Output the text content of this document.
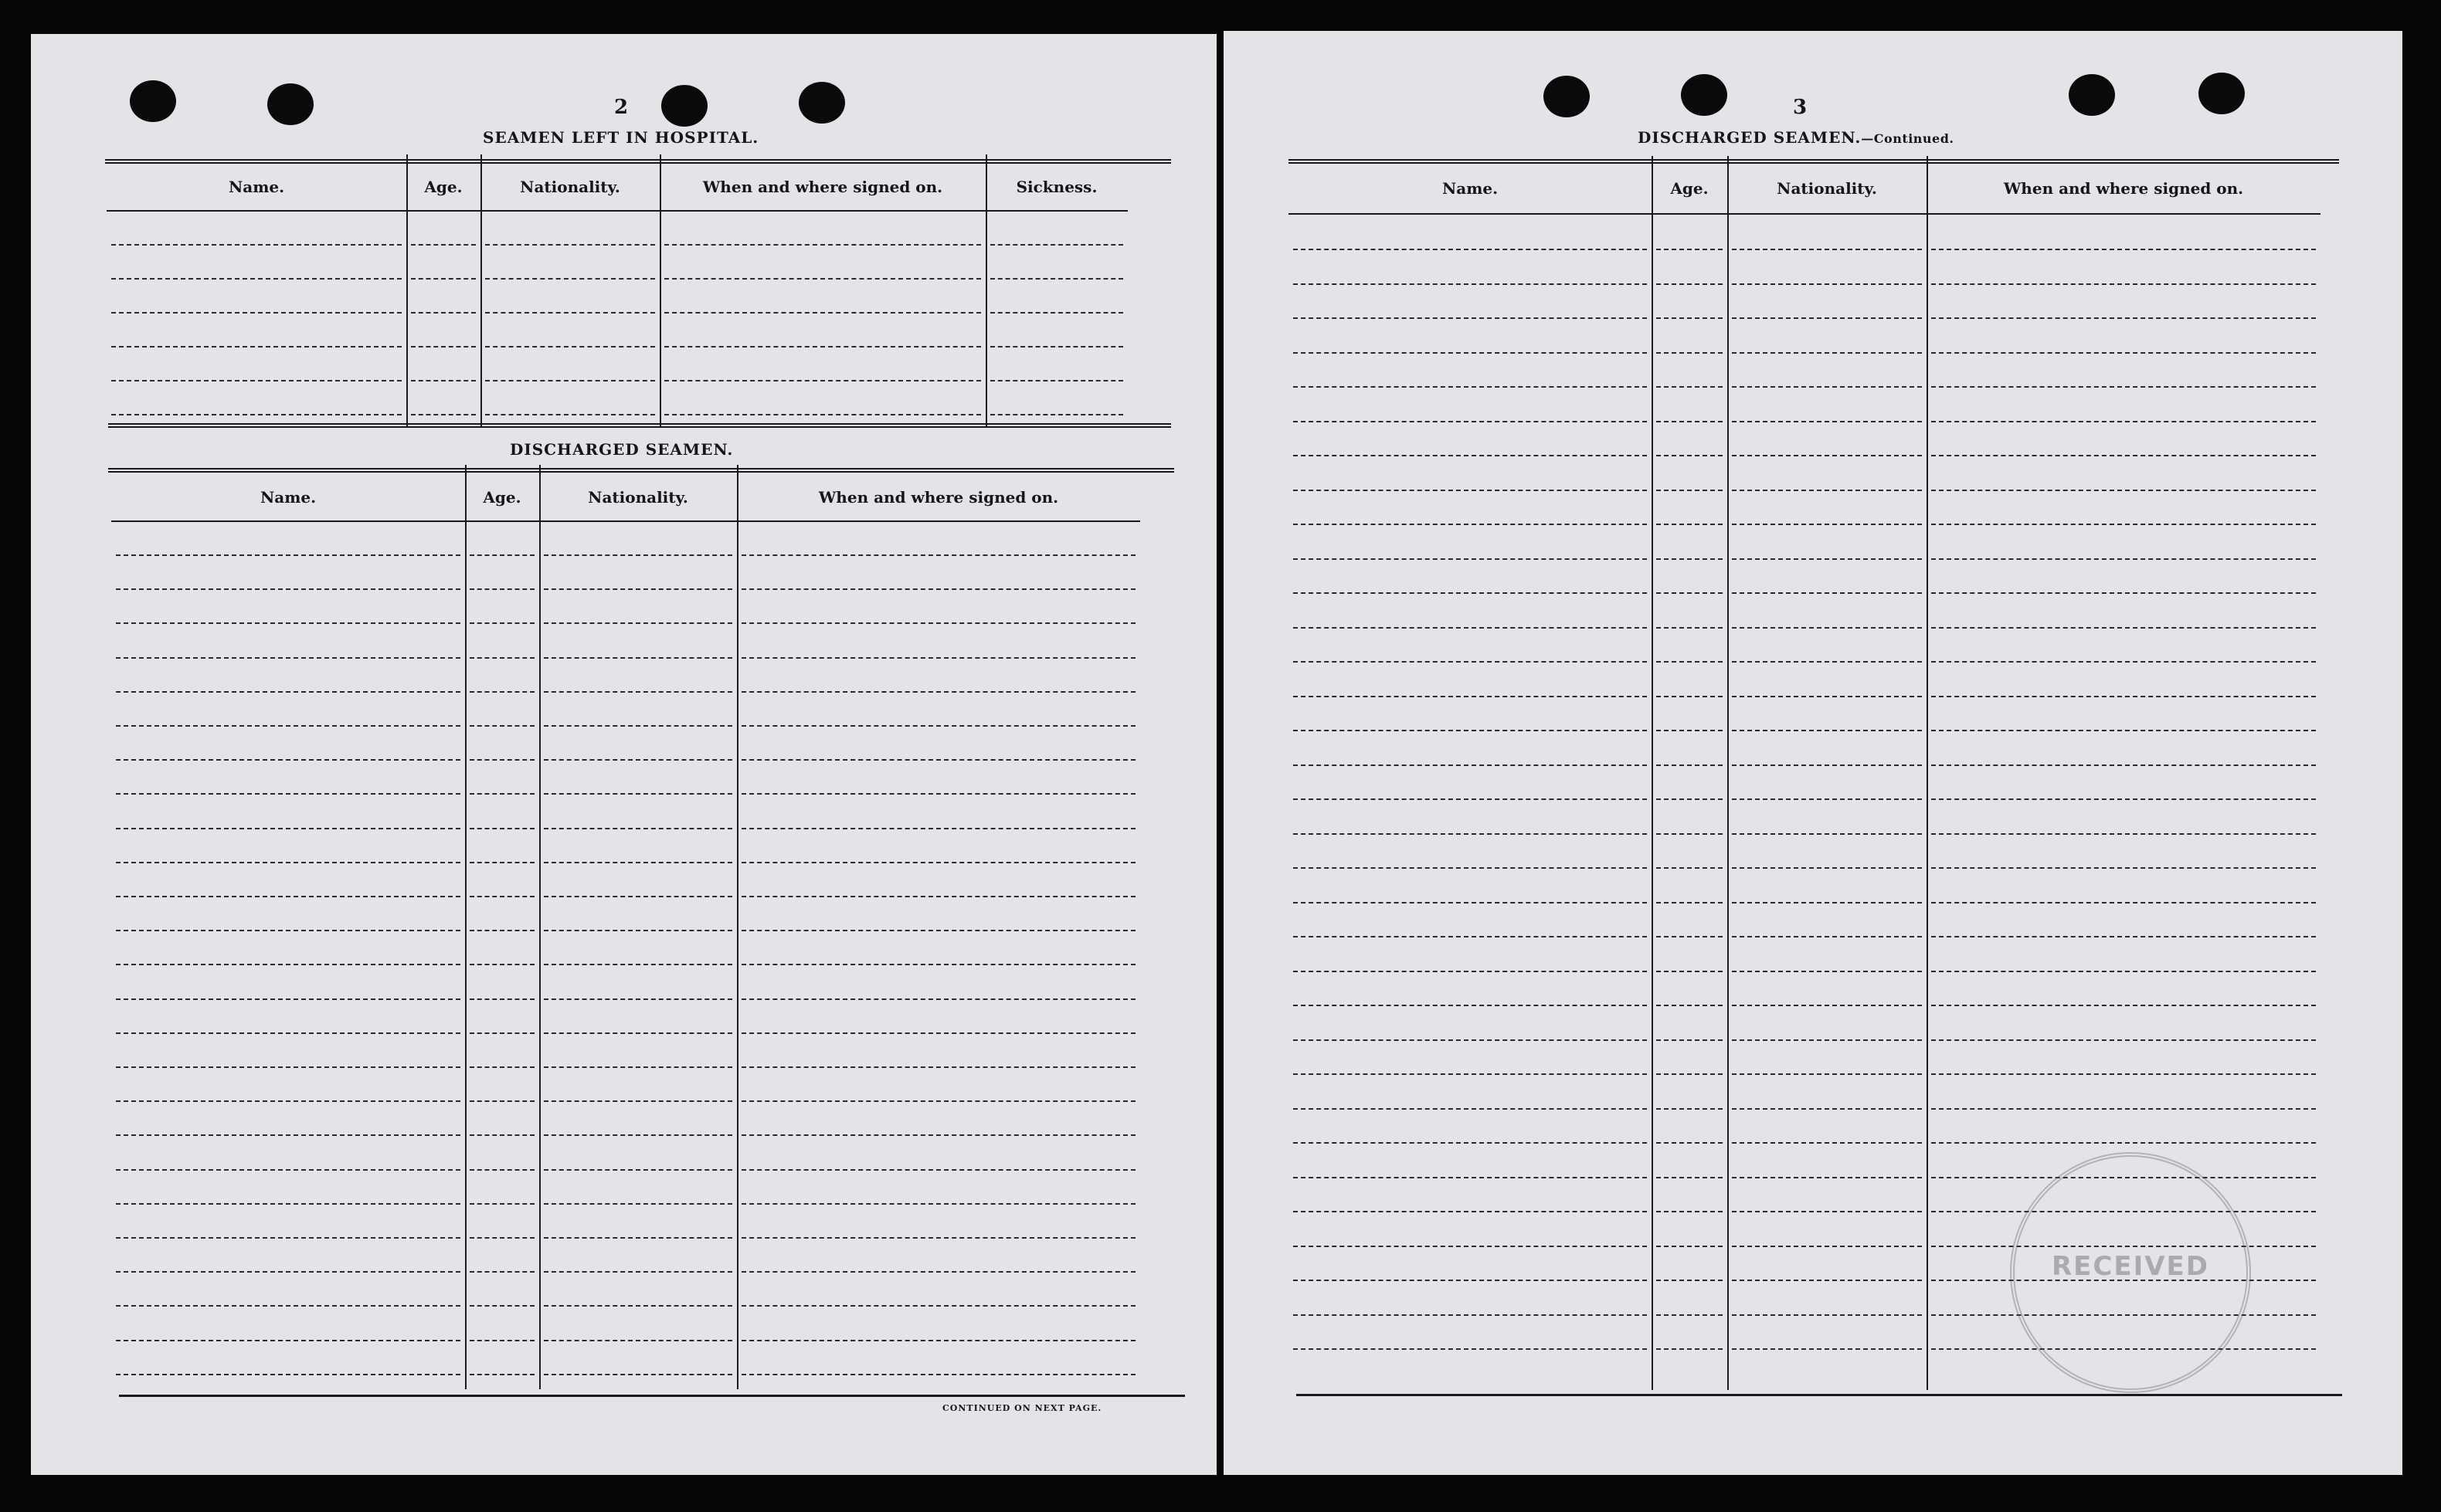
2
SEAMEN LEFT IN HOSPITAL.
Name.	Age.	Nationality.	When and where signed on.	Sickness.
DISCHARGED SEAMEN.
Name.	Age.	Nationality.	When and where signed on.
CONTINUED ON NEXT PAGE.
3
DISCHARGED SEAMEN.—Continued.
Name.	Age.	Nationality.	When and where signed on.
RECEIVED
